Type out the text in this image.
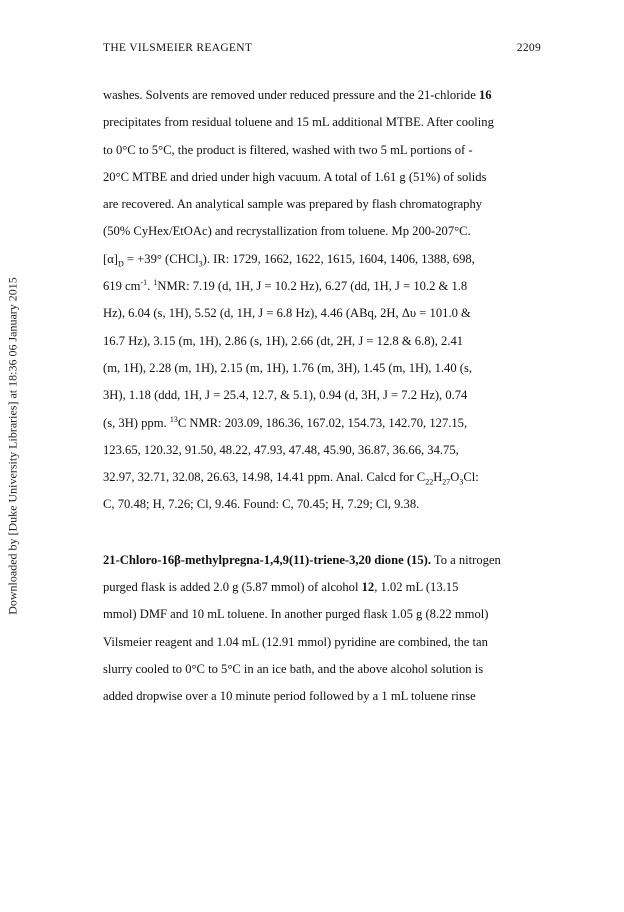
THE VILSMEIER REAGENT	2209
Downloaded by [Duke University Libraries] at 18:36 06 January 2015
washes. Solvents are removed under reduced pressure and the 21-chloride 16
precipitates from residual toluene and 15 mL additional MTBE. After cooling
to 0°C to 5°C, the product is filtered, washed with two 5 mL portions of -
20°C MTBE and dried under high vacuum. A total of 1.61 g (51%) of solids
are recovered. An analytical sample was prepared by flash chromatography
(50% CyHex/EtOAc) and recrystallization from toluene. Mp 200-207°C.
$[\alpha]_D = +39^\circ$ (CHCl$_3$). IR: 1729, 1662, 1622, 1615, 1604, 1406, 1388, 698,
619 $cm^{-1}$. $^1$NMR: 7.19 (d, 1H, J = 10.2 Hz), 6.27 (dd, 1H, J = 10.2 & 1.8
Hz), 6.04 (s, 1H), 5.52 (d, 1H, J = 6.8 Hz), 4.46 (ABq, 2H, Δυ = 101.0 &
16.7 Hz), 3.15 (m, 1H), 2.86 (s, 1H), 2.66 (dt, 2H, J = 12.8 & 6.8), 2.41
(m, 1H), 2.28 (m, 1H), 2.15 (m, 1H), 1.76 (m, 3H), 1.45 (m, 1H), 1.40 (s,
3H), 1.18 (ddd, 1H, J = 25.4, 12.7, & 5.1), 0.94 (d, 3H, J = 7.2 Hz), 0.74
(s, 3H) ppm. $^{13}$C NMR: 203.09, 186.36, 167.02, 154.73, 142.70, 127.15,
123.65, 120.32, 91.50, 48.22, 47.93, 47.48, 45.90, 36.87, 36.66, 34.75,
32.97, 32.71, 32.08, 26.63, 14.98, 14.41 ppm. Anal. Calcd for $C_{22}H_{27}O_3Cl$:
C, 70.48; H, 7.26; Cl, 9.46. Found: C, 70.45; H, 7.29; Cl, 9.38.
21-Chloro-16β-methylpregna-1,4,9(11)-triene-3,20 dione (15). To a nitrogen
purged flask is added 2.0 g (5.87 mmol) of alcohol 12, 1.02 mL (13.15
mmol) DMF and 10 mL toluene. In another purged flask 1.05 g (8.22 mmol)
Vilsmeier reagent and 1.04 mL (12.91 mmol) pyridine are combined, the tan
slurry cooled to 0°C to 5°C in an ice bath, and the above alcohol solution is
added dropwise over a 10 minute period followed by a 1 mL toluene rinse
